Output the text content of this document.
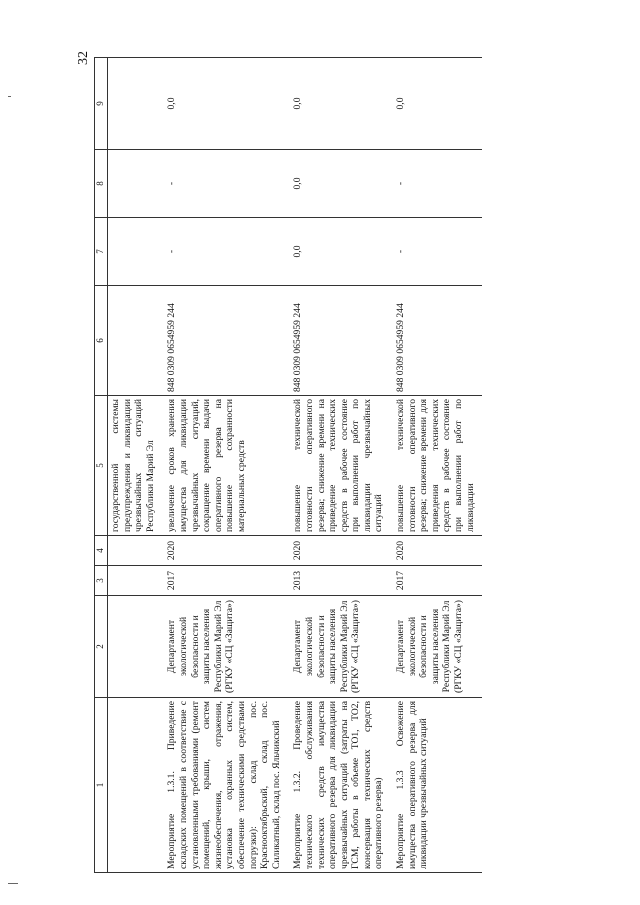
32
1	2	3	4	5	6	7	8	9
				государственной системы предупреждения и ликвидации чрезвычайных ситуаций Республики Марий Эл				
Мероприятие 1.3.1. Приведение складских помещений в соответствие с установленными требованиями (ремонт помещений, крыши, систем жизнеобеспечения, отражения, установка охранных систем, обеспечение техническими средствами погрузки): склад пос. Краснооктябрьский, склад пос. Силикатный, склад пос. Яльчикский	Департамент экологической безопасности и защиты населения Республики Марий Эл (РГКУ «СЦ «Защита»)	2017	2020	увеличение сроков хранения имущества для ликвидации чрезвычайных ситуаций, сокращение времени выдачи оперативного резерва на повышение сохранности материальных средств	848 0309 0654959 244	-	-	0,0
Мероприятие 1.3.2. Проведение технического обслуживания технических средств имущества оперативного резерва для ликвидации чрезвычайных ситуаций (затраты на ГСМ, работы в объеме ТО1, ТО2, консервация технических средств оперативного резерва)	Департамент экологической безопасности и защиты населения Республики Марий Эл (РГКУ «СЦ «Защита»)	2013	2020	повышение технической готовности оперативного резерва; снижение времени на приведение технических средств в рабочее состояние при выполнении работ по ликвидации чрезвычайных ситуаций	848 0309 0654959 244	0,0	0,0	0,0
Мероприятие 1.3.3 Освежение имущества оперативного резерва для ликвидации чрезвычайных ситуаций	Департамент экологической безопасности и защиты населения Республики Марий Эл (РГКУ «СЦ «Защита»)	2017	2020	повышение технической готовности оперативного резерва; снижение времени для приведения технических средств в рабочее состояние при выполнении работ по ликвидации	848 0309 0654959 244	-	-	0,0
